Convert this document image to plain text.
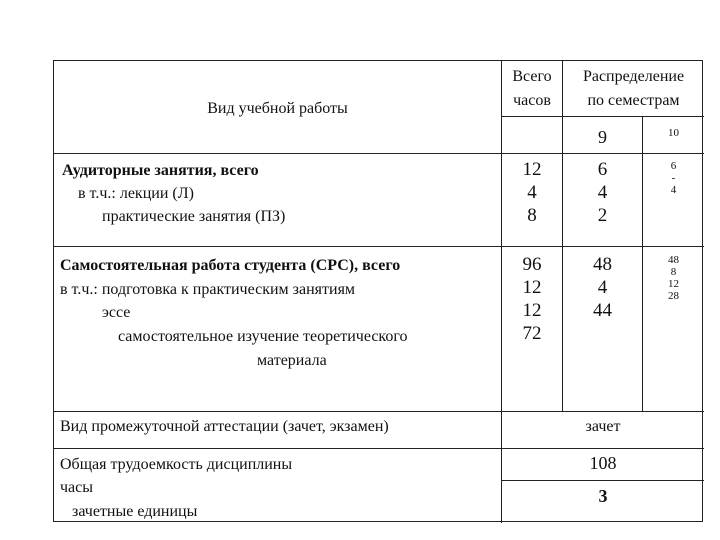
Вид учебной работы
Всего
часов
Распределение
по семестрам
9	10
Аудиторные занятия, всего
в т.ч.: лекции (Л)
практические занятия (ПЗ)
12
4
8
6
4
2
6
-
4
Самостоятельная работа студента (СРС), всего
в т.ч.: подготовка к практическим занятиям
эссе
самостоятельное изучение теоретического
материала
96
12
12
72
48
4
44
48
8
12
28
Вид промежуточной аттестации (зачет, экзамен)	зачет
Общая трудоемкость дисциплины
часы
зачетные единицы
108
3
